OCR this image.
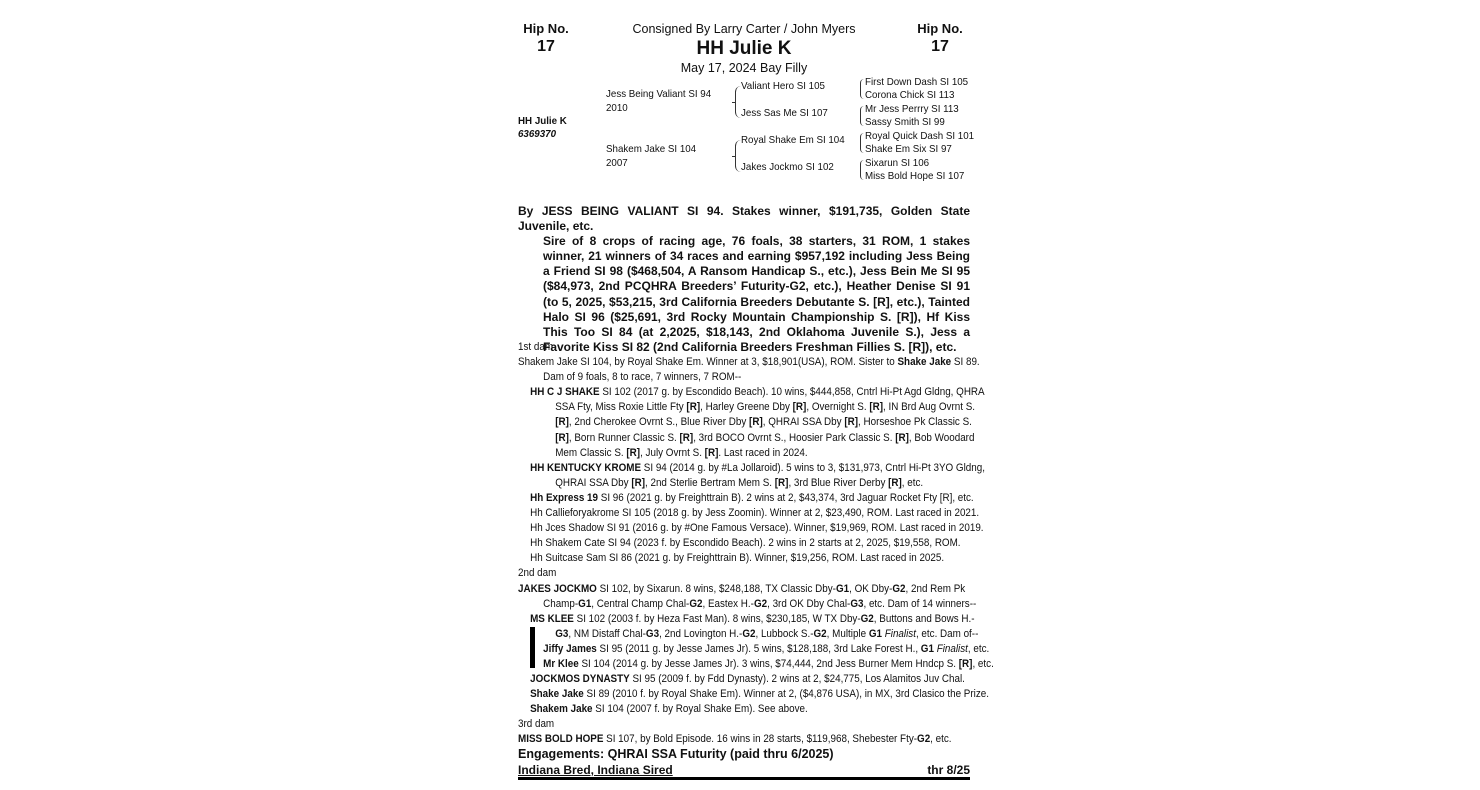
Hip No.
17
Hip No.
17
Consigned By Larry Carter / John Myers
HH Julie K
May 17, 2024 Bay Filly
HH Julie K
6369370
Jess Being Valiant SI 94
2010
Shakem Jake SI 104
2007
Valiant Hero SI 105
Jess Sas Me SI 107
Royal Shake Em SI 104
Jakes Jockmo SI 102
First Down Dash SI 105
Corona Chick SI 113
Mr Jess Perrry SI 113
Sassy Smith SI 99
Royal Quick Dash SI 101
Shake Em Six SI 97
Sixarun SI 106
Miss Bold Hope SI 107
By JESS BEING VALIANT SI 94. Stakes winner, $191,735, Golden State Juvenile, etc.
Sire of 8 crops of racing age, 76 foals, 38 starters, 31 ROM, 1 stakes winner, 21 winners of 34 races and earning $957,192 including Jess Being a Friend SI 98 ($468,504, A Ransom Handicap S., etc.), Jess Bein Me SI 95 ($84,973, 2nd PCQHRA Breeders’ Futurity-G2, etc.), Heather Denise SI 91 (to 5, 2025, $53,215, 3rd California Breeders Debutante S. [R], etc.), Tainted Halo SI 96 ($25,691, 3rd Rocky Mountain Championship S. [R]), Hf Kiss This Too SI 84 (at 2,2025, $18,143, 2nd Oklahoma Juvenile S.), Jess a Favorite Kiss SI 82 (2nd California Breeders Freshman Fillies S. [R]), etc.
1st dam
Shakem Jake SI 104, by Royal Shake Em. Winner at 3, $18,901(USA), ROM. Sister to Shake Jake SI 89.
Dam of 9 foals, 8 to race, 7 winners, 7 ROM--
HH C J SHAKE SI 102 (2017 g. by Escondido Beach). 10 wins, $444,858, Cntrl Hi-Pt Agd Gldng, QHRA
SSA Fty, Miss Roxie Little Fty [R], Harley Greene Dby [R], Overnight S. [R], IN Brd Aug Ovrnt S.
[R], 2nd Cherokee Ovrnt S., Blue River Dby [R], QHRAI SSA Dby [R], Horseshoe Pk Classic S.
[R], Born Runner Classic S. [R], 3rd BOCO Ovrnt S., Hoosier Park Classic S. [R], Bob Woodard
Mem Classic S. [R], July Ovrnt S. [R]. Last raced in 2024.
HH KENTUCKY KROME SI 94 (2014 g. by #La Jollaroid). 5 wins to 3, $131,973, Cntrl Hi-Pt 3YO Gldng,
QHRAI SSA Dby [R], 2nd Sterlie Bertram Mem S. [R], 3rd Blue River Derby [R], etc.
Hh Express 19 SI 96 (2021 g. by Freighttrain B). 2 wins at 2, $43,374, 3rd Jaguar Rocket Fty [R], etc.
Hh Callieforyakrome SI 105 (2018 g. by Jess Zoomin). Winner at 2, $23,490, ROM. Last raced in 2021.
Hh Jces Shadow SI 91 (2016 g. by #One Famous Versace). Winner, $19,969, ROM. Last raced in 2019.
Hh Shakem Cate SI 94 (2023 f. by Escondido Beach). 2 wins in 2 starts at 2, 2025, $19,558, ROM.
Hh Suitcase Sam SI 86 (2021 g. by Freighttrain B). Winner, $19,256, ROM. Last raced in 2025.
2nd dam
JAKES JOCKMO SI 102, by Sixarun. 8 wins, $248,188, TX Classic Dby-G1, OK Dby-G2, 2nd Rem Pk
Champ-G1, Central Champ Chal-G2, Eastex H.-G2, 3rd OK Dby Chal-G3, etc. Dam of 14 winners--
MS KLEE SI 102 (2003 f. by Heza Fast Man). 8 wins, $230,185, W TX Dby-G2, Buttons and Bows H.-
G3, NM Distaff Chal-G3, 2nd Lovington H.-G2, Lubbock S.-G2, Multiple G1 Finalist, etc. Dam of--
Jiffy James SI 95 (2011 g. by Jesse James Jr). 5 wins, $128,188, 3rd Lake Forest H., G1 Finalist, etc.
Mr Klee SI 104 (2014 g. by Jesse James Jr). 3 wins, $74,444, 2nd Jess Burner Mem Hndcp S. [R], etc.
JOCKMOS DYNASTY SI 95 (2009 f. by Fdd Dynasty). 2 wins at 2, $24,775, Los Alamitos Juv Chal.
Shake Jake SI 89 (2010 f. by Royal Shake Em). Winner at 2, ($4,876 USA), in MX, 3rd Clasico the Prize.
Shakem Jake SI 104 (2007 f. by Royal Shake Em). See above.
3rd dam
MISS BOLD HOPE SI 107, by Bold Episode. 16 wins in 28 starts, $119,968, Shebester Fty-G2, etc.
Engagements: QHRAI SSA Futurity (paid thru 6/2025)
Indiana Bred, Indiana Sired	thr 8/25
